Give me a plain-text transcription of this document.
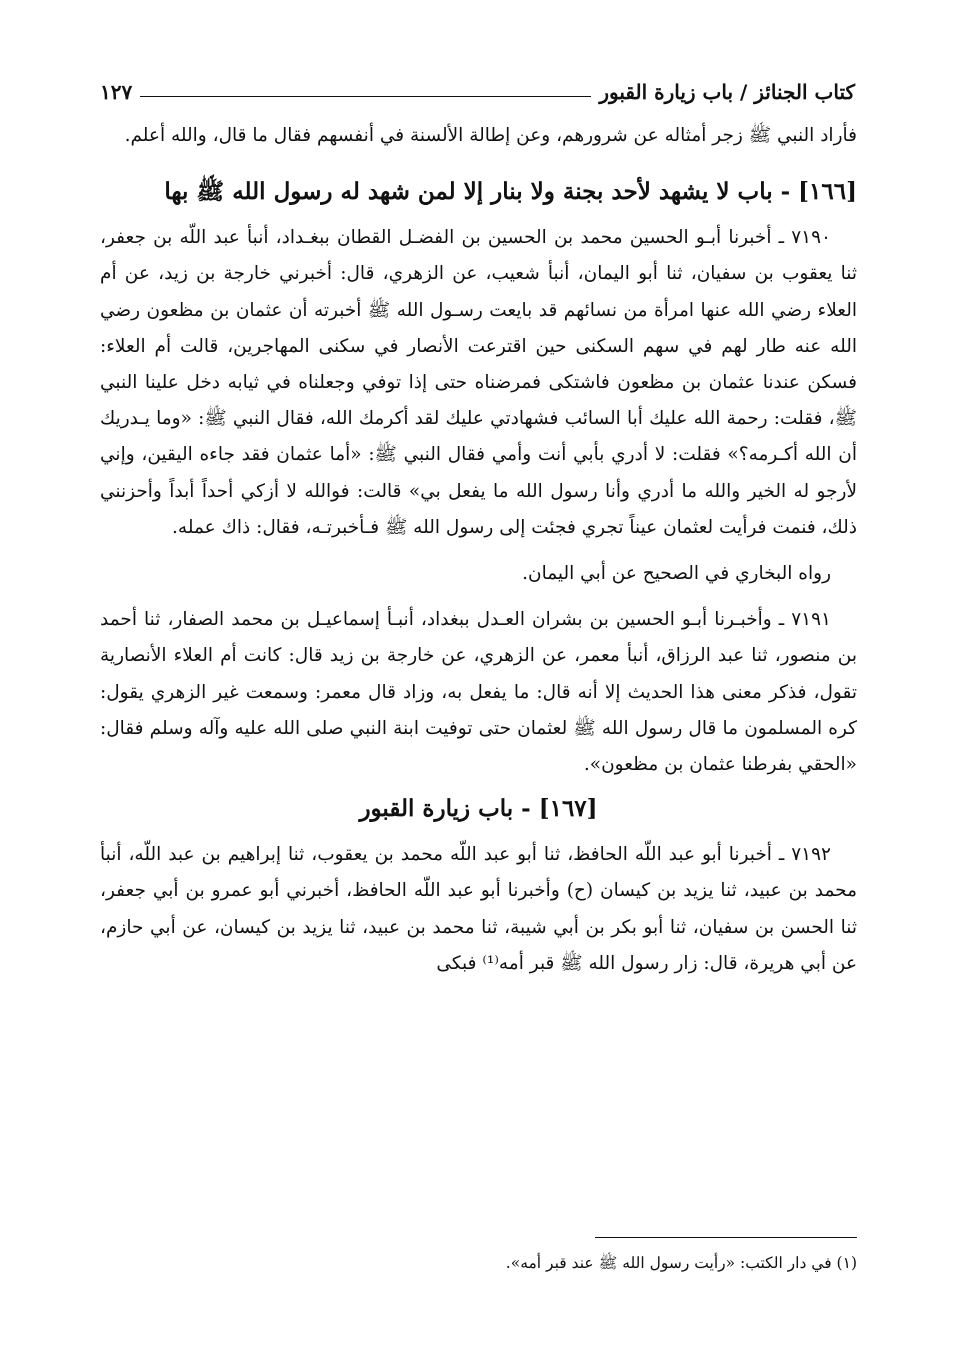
كتاب الجنائز / باب زيارة القبور
١٢٧

فأراد النبي ﷺ زجر أمثاله عن شرورهم، وعن إطالة الألسنة في أنفسهم فقال ما قال، والله أعلم.

[١٦٦] - باب لا يشهد لأحد بجنة ولا بنار إلا لمن شهد له رسول الله ﷺ بها

٧١٩٠ ـ أخبرنا أبـو الحسين محمد بن الحسين بن الفضـل القطان ببغـداد، أنبأ عبد اللّه بن جعفر، ثنا يعقوب بن سفيان، ثنا أبو اليمان، أنبأ شعيب، عن الزهري، قال: أخبرني خارجة بن زيد، عن أم العلاء رضي الله عنها امرأة من نسائهم قد بايعت رسـول الله ﷺ أخبرته أن عثمان بن مظعون رضي الله عنه طار لهم في سهم السكنى حين اقترعت الأنصار في سكنى المهاجرين، قالت أم العلاء: فسكن عندنا عثمان بن مظعون فاشتكى فمرضناه حتى إذا توفي وجعلناه في ثيابه دخل علينا النبي ﷺ، فقلت: رحمة الله عليك أبا السائب فشهادتي عليك لقد أكرمك الله، فقال النبي ﷺ: «وما يـدريك أن الله أكـرمه؟» فقلت: لا أدري بأبي أنت وأمي فقال النبي ﷺ: «أما عثمان فقد جاءه اليقين، وإني لأرجو له الخير والله ما أدري وأنا رسول الله ما يفعل بي» قالت: فوالله لا أزكي أحداً أبداً وأحزنني ذلك، فنمت فرأيت لعثمان عيناً تجري فجئت إلى رسول الله ﷺ فـأخبرتـه، فقال: ذاك عمله.

رواه البخاري في الصحيح عن أبي اليمان.

٧١٩١ ـ وأخبـرنا أبـو الحسين بن بشران العـدل ببغداد، أنبـأ إسماعيـل بن محمد الصفار، ثنا أحمد بن منصور، ثنا عبد الرزاق، أنبأ معمر، عن الزهري، عن خارجة بن زيد قال: كانت أم العلاء الأنصارية تقول، فذكر معنى هذا الحديث إلا أنه قال: ما يفعل به، وزاد قال معمر: وسمعت غير الزهري يقول: كره المسلمون ما قال رسول الله ﷺ لعثمان حتى توفيت ابنة النبي صلى الله عليه وآله وسلم فقال: «الحقي بفرطنا عثمان بن مظعون».

[١٦٧] - باب زيارة القبور

٧١٩٢ ـ أخبرنا أبو عبد اللّه الحافظ، ثنا أبو عبد اللّه محمد بن يعقوب، ثنا إبراهيم بن عبد اللّه، أنبأ محمد بن عبيد، ثنا يزيد بن كيسان (ح) وأخبرنا أبو عبد اللّه الحافظ، أخبرني أبو عمرو بن أبي جعفر، ثنا الحسن بن سفيان، ثنا أبو بكر بن أبي شيبة، ثنا محمد بن عبيد، ثنا يزيد بن كيسان، عن أبي حازم، عن أبي هريرة، قال: زار رسول الله ﷺ قبر أمه⁽¹⁾ فبكى

(١) في دار الكتب: «رأيت رسول الله ﷺ عند قبر أمه».
